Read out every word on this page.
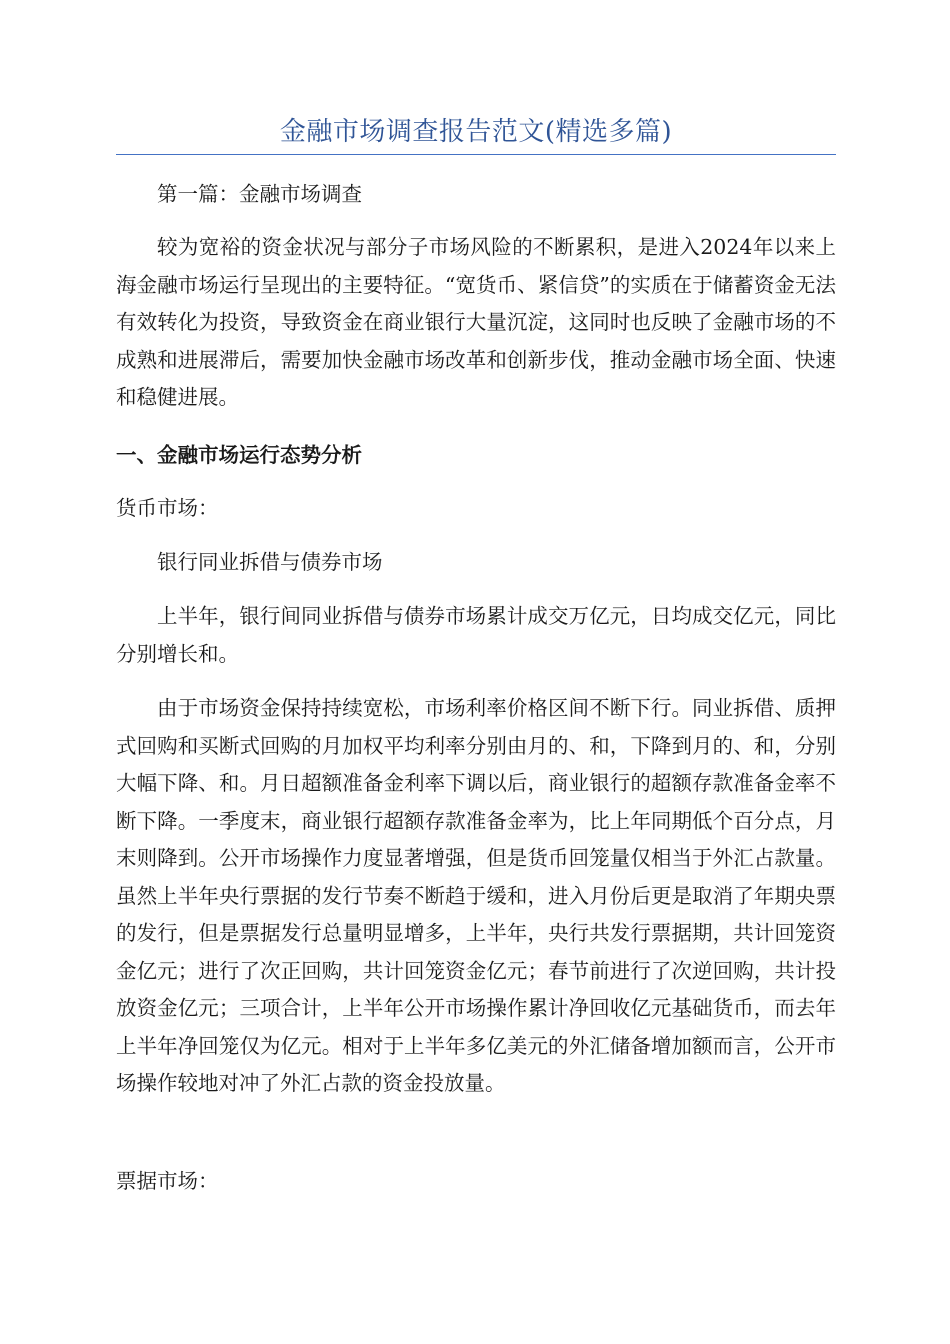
金融市场调查报告范文(精选多篇)

第一篇：金融市场调查

较为宽裕的资金状况与部分子市场风险的不断累积，是进入2024年以来上海金融市场运行呈现出的主要特征。“宽货币、紧信贷”的实质在于储蓄资金无法有效转化为投资，导致资金在商业银行大量沉淀，这同时也反映了金融市场的不成熟和进展滞后，需要加快金融市场改革和创新步伐，推动金融市场全面、快速和稳健进展。

一、金融市场运行态势分析

货币市场：

银行同业拆借与债券市场

上半年，银行间同业拆借与债券市场累计成交万亿元，日均成交亿元，同比分别增长和。

由于市场资金保持持续宽松，市场利率价格区间不断下行。同业拆借、质押式回购和买断式回购的月加权平均利率分别由月的、和，下降到月的、和，分别大幅下降、和。月日超额准备金利率下调以后，商业银行的超额存款准备金率不断下降。一季度末，商业银行超额存款准备金率为，比上年同期低个百分点，月末则降到。公开市场操作力度显著增强，但是货币回笼量仅相当于外汇占款量。虽然上半年央行票据的发行节奏不断趋于缓和，进入月份后更是取消了年期央票的发行，但是票据发行总量明显增多，上半年，央行共发行票据期，共计回笼资金亿元；进行了次正回购，共计回笼资金亿元；春节前进行了次逆回购，共计投放资金亿元；三项合计，上半年公开市场操作累计净回收亿元基础货币，而去年上半年净回笼仅为亿元。相对于上半年多亿美元的外汇储备增加额而言，公开市场操作较地对冲了外汇占款的资金投放量。

票据市场：
